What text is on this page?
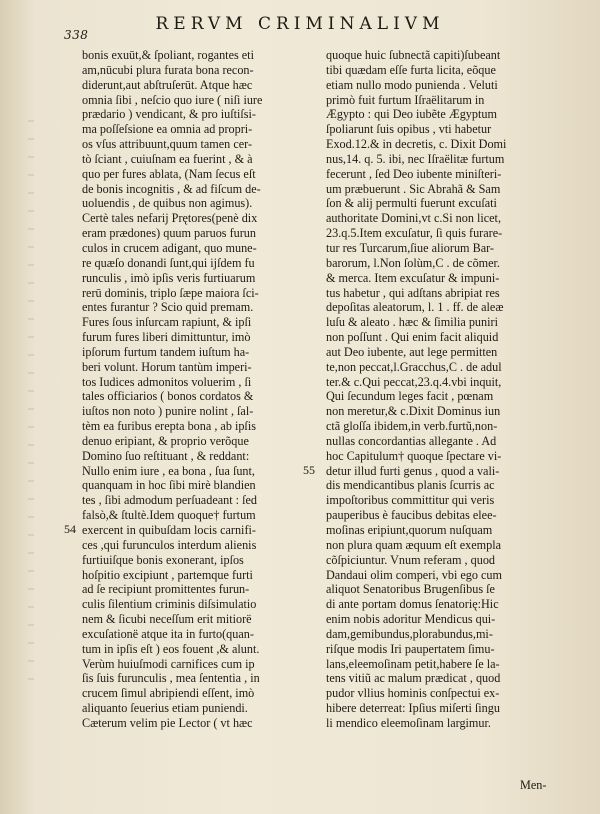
RERVM CRIMINALIVM
338
bonis exuūt,& ſpoliant, rogantes eti
am,nūcubi plura furata bona recon-
diderunt,aut abſtruſerūt. Atque hæc
omnia ſibi , neſcio quo iure ( niſi iure
prædario ) vendicant, & pro iuſtiſsi-
ma poſſeſsione ea omnia ad propri-
os vſus attribuunt,quum tamen cer-
tò ſciant , cuiuſnam ea fuerint , & à
quo per fures ablata, (Nam ſecus eſt
de bonis incognitis , & ad fiſcum de-
uoluendis , de quibus non agimus).
Certè tales nefarij Prętores(penè dix
eram prædones) quum paruos furun
culos in crucem adigant, quo mune-
re quæſo donandi ſunt,qui ijſdem fu
runculis , imò ipſis veris furtiuarum
rerū dominis, triplo ſæpe maiora ſci-
entes furantur ? Scio quid premam.
Fures ſous inſurcam rapiunt, & ipſi
furum fures liberi dimittuntur, imò
ipſorum furtum tandem iuſtum ha-
beri volunt. Horum tantùm imperi-
tos Iudices admonitos voluerim , ſi
tales officiarios ( bonos cordatos &
iuſtos non noto ) punire nolint , ſal-
tèm ea furibus erepta bona , ab ipſis
denuo eripiant, & proprio verõque
Domino ſuo reſtituant , & reddant:
Nullo enim iure , ea bona , ſua ſunt,
quanquam in hoc ſibi mirè blandien
tes , ſibi admodum perſuadeant : ſed
falsò,& ſtultè.Idem quoque† furtum
exercent in quibuſdam locis carnifi-
ces ,qui furunculos interdum alienis
furtiuiſque bonis exonerant, ipſos
hoſpitio excipiunt , partemque furti
ad ſe recipiunt promittentes furun-
culis ſilentium criminis diſsimulatio
nem & ſicubi neceſſum erit mitiorë
excuſationë atque ita in furto(quan-
tum in ipſis eſt ) eos fouent ,& alunt.
Verùm huiuſmodi carnifices cum ip
ſis ſuis furunculis , mea ſententia , in
crucem ſimul abripiendi eſſent, imò
aliquanto ſeuerius etiam puniendi.
Cæterum velim pie Lector ( vt hæc
quoque huic ſubnectã capiti)ſubeant
tibi quædam eſſe furta licita, eõque
etiam nullo modo punienda . Veluti
primò fuit furtum Iſraëlitarum in
Ægypto : qui Deo iubẽte Ægyptum
ſpoliarunt ſuis opibus , vti habetur
Exod.12.& in decretis, c. Dixit Domi
nus,14. q. 5. ibi, nec Iſraëlitæ furtum
fecerunt , ſed Deo iubente miniſteri-
um præbuerunt . Sic Abrahã & Sam
ſon & alij permulti fuerunt excuſati
authoritate Domini,vt c.Si non licet,
23.q.5.Item excuſatur, ſi quis furare-
tur res Turcarum,ſiue aliorum Bar-
barorum, l.Non ſolùm,C . de cõmer.
& merca. Item excuſatur & impuni-
tus habetur , qui adſtans abripiat res
depoſitas aleatorum, l. 1 . ff. de aleæ
luſu & aleato . hæc & ſimilia puniri
non poſſunt . Qui enim facit aliquid
aut Deo iubente, aut lege permitten
te,non peccat,l.Gracchus,C . de adul
ter.& c.Qui peccat,23.q.4.vbi inquit,
Qui ſecundum leges facit , pœnam
non meretur,& c.Dixit Dominus iun
ctã gloſſa ibidem,in verb.furtũ,non-
nullas concordantias allegante . Ad
hoc Capitulum† quoque ſpectare vi-
detur illud furti genus , quod a vali-
dis mendicantibus planis ſcurris ac
impoſtoribus committitur qui veris
pauperibus è faucibus debitas elee-
moſinas eripiunt,quorum nuſquam
non plura quam æquum eſt exempla
cõſpiciuntur. Vnum referam , quod
Dandaui olim comperi, vbi ego cum
aliquot Senatoribus Brugenſibus ſe
di ante portam domus ſenatorię:Hic
enim nobis adoritur Mendicus qui-
dam,gemibundus,plorabundus,mi-
riſque modis Iri paupertatem ſimu-
lans,eleemoſinam petit,habere ſe la-
tens vitiũ ac malum prædicat , quod
pudor vllius hominis conſpectui ex-
hibere deterreat: Ipſius miſerti ſingu
li mendico eleemoſinam largimur.
55
54
Men-
